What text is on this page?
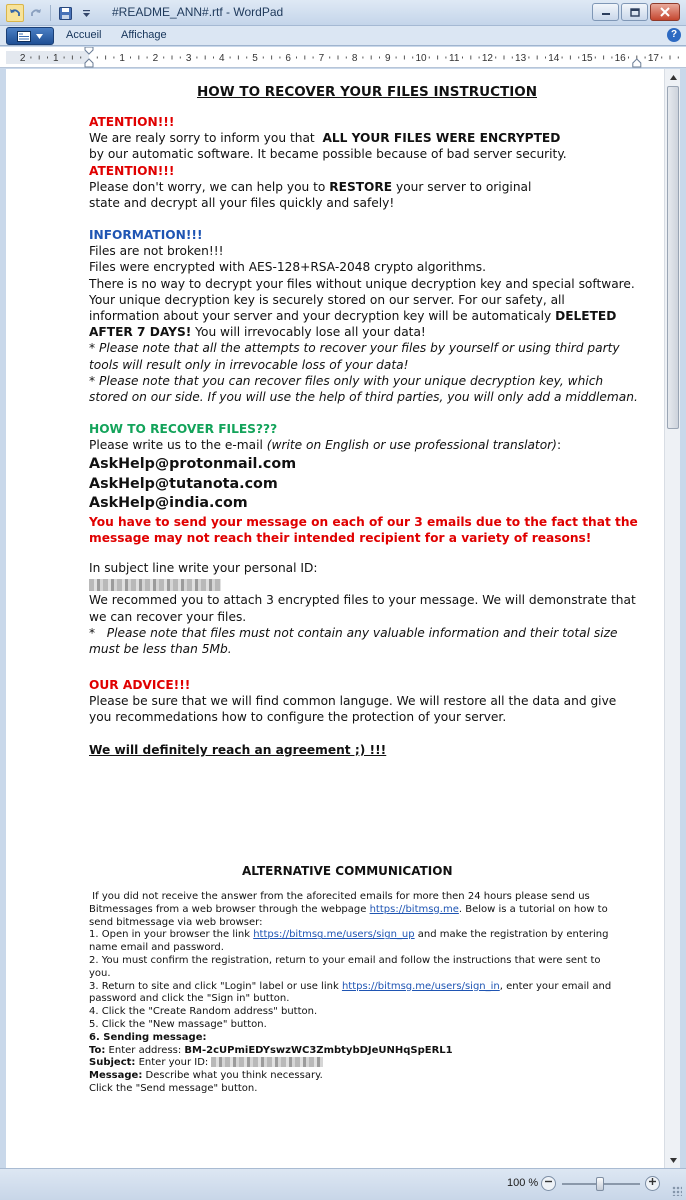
#README_ANN#.rtf - WordPad
Accueil Affichage	?
2	1	1	2	3	4	5	6	7	8	9 10 11 12 13 14 15 16 17
HOW TO RECOVER YOUR FILES INSTRUCTION

ATENTION!!!

We are realy sorry to inform you that  ALL YOUR FILES WERE ENCRYPTED

by our automatic software. It became possible because of bad server security.

ATENTION!!!

Please don't worry, we can help you to RESTORE your server to original

state and decrypt all your files quickly and safely!

INFORMATION!!!

Files are not broken!!!

Files were encrypted with AES-128+RSA-2048 crypto algorithms.

There is no way to decrypt your files without unique decryption key and special software.

Your unique decryption key is securely stored on our server. For our safety, all

information about your server and your decryption key will be automaticaly DELETED

AFTER 7 DAYS! You will irrevocably lose all your data!

* Please note that all the attempts to recover your files by yourself or using third party

tools will result only in irrevocable loss of your data!

* Please note that you can recover files only with your unique decryption key, which

stored on our side. If you will use the help of third parties, you will only add a middleman.

HOW TO RECOVER FILES???

Please write us to the e-mail (write on English or use professional translator):

AskHelp@protonmail.com

AskHelp@tutanota.com

AskHelp@india.com

You have to send your message on each of our 3 emails due to the fact that the

message may not reach their intended recipient for a variety of reasons!

In subject line write your personal ID:

We recommed you to attach 3 encrypted files to your message. We will demonstrate that

we can recover your files.

*   Please note that files must not contain any valuable information and their total size

must be less than 5Mb.

OUR ADVICE!!!

Please be sure that we will find common languge. We will restore all the data and give

you recommedations how to configure the protection of your server.

We will definitely reach an agreement ;) !!!

ALTERNATIVE COMMUNICATION

If you did not receive the answer from the aforecited emails for more then 24 hours please send us

Bitmessages from a web browser through the webpage https://bitmsg.me. Below is a tutorial on how to

send bitmessage via web browser:

1. Open in your browser the link https://bitmsg.me/users/sign_up and make the registration by entering

name email and password.

2. You must confirm the registration, return to your email and follow the instructions that were sent to

you.

3. Return to site and click "Login" label or use link https://bitmsg.me/users/sign_in, enter your email and

password and click the "Sign in" button.

4. Click the "Create Random address" button.

5. Click the "New massage" button.

6. Sending message:

To: Enter address: BM-2cUPmiEDYswzWC3ZmbtybDJeUNHqSpERL1

Subject: Enter your ID:

Message: Describe what you think necessary.

Click the "Send message" button.

100 %
